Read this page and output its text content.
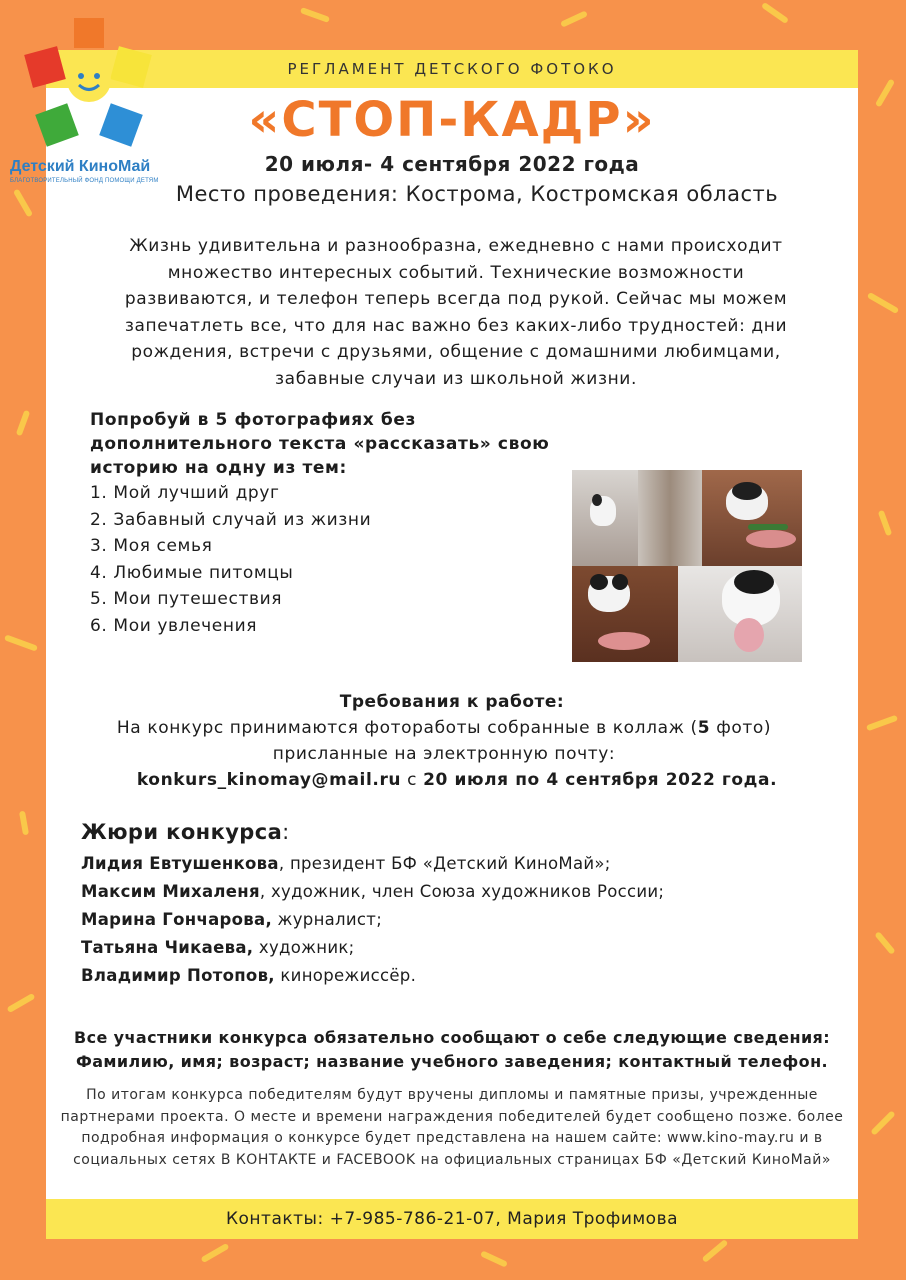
РЕГЛАМЕНТ ДЕТСКОГО ФОТОКО
«СТОП-КАДР»
20 июля- 4 сентября 2022 года
Место проведения: Кострома, Костромская область
Жизнь удивительна и разнообразна, ежедневно с нами происходит множество интересных событий. Технические возможности развиваются, и телефон теперь всегда под рукой. Сейчас мы можем запечатлеть все, что для нас важно без каких-либо трудностей: дни рождения, встречи с друзьями, общение с домашними любимцами, забавные случаи из школьной жизни.
Попробуй в 5 фотографиях без дополнительного текста «рассказать» свою историю на одну из тем:
1. Мой лучший друг
2. Забавный случай из жизни
3. Моя семья
4. Любимые питомцы
5. Мои путешествия
6. Мои увлечения
Требования к работе:
На конкурс принимаются фотоработы собранные в коллаж (5 фото)
присланные на электронную почту:
konkurs_kinomay@mail.ru с 20 июля по 4 сентября 2022 года.
Жюри конкурса:
Лидия Евтушенкова, президент БФ «Детский КиноМай»;
Максим Михаленя, художник, член Союза художников России;
Марина Гончарова, журналист;
Татьяна Чикаева, художник;
Владимир Потопов, кинорежиссёр.
Все участники конкурса обязательно сообщают о себе следующие сведения:
Фамилию, имя; возраст; название учебного заведения; контактный телефон.
По итогам конкурса победителям будут вручены дипломы и памятные призы, учрежденные партнерами проекта. О месте и времени награждения победителей будет сообщено позже. более подробная информация о конкурсе будет представлена на нашем сайте: www.kino-may.ru и в социальных сетях В КОНТАКТЕ и FACEBOOK на официальных страницах БФ «Детский КиноМай»
Контакты: +7-985-786-21-07, Мария Трофимова
Детский КиноМай
БЛАГОТВОРИТЕЛЬНЫЙ ФОНД ПОМОЩИ ДЕТЯМ
